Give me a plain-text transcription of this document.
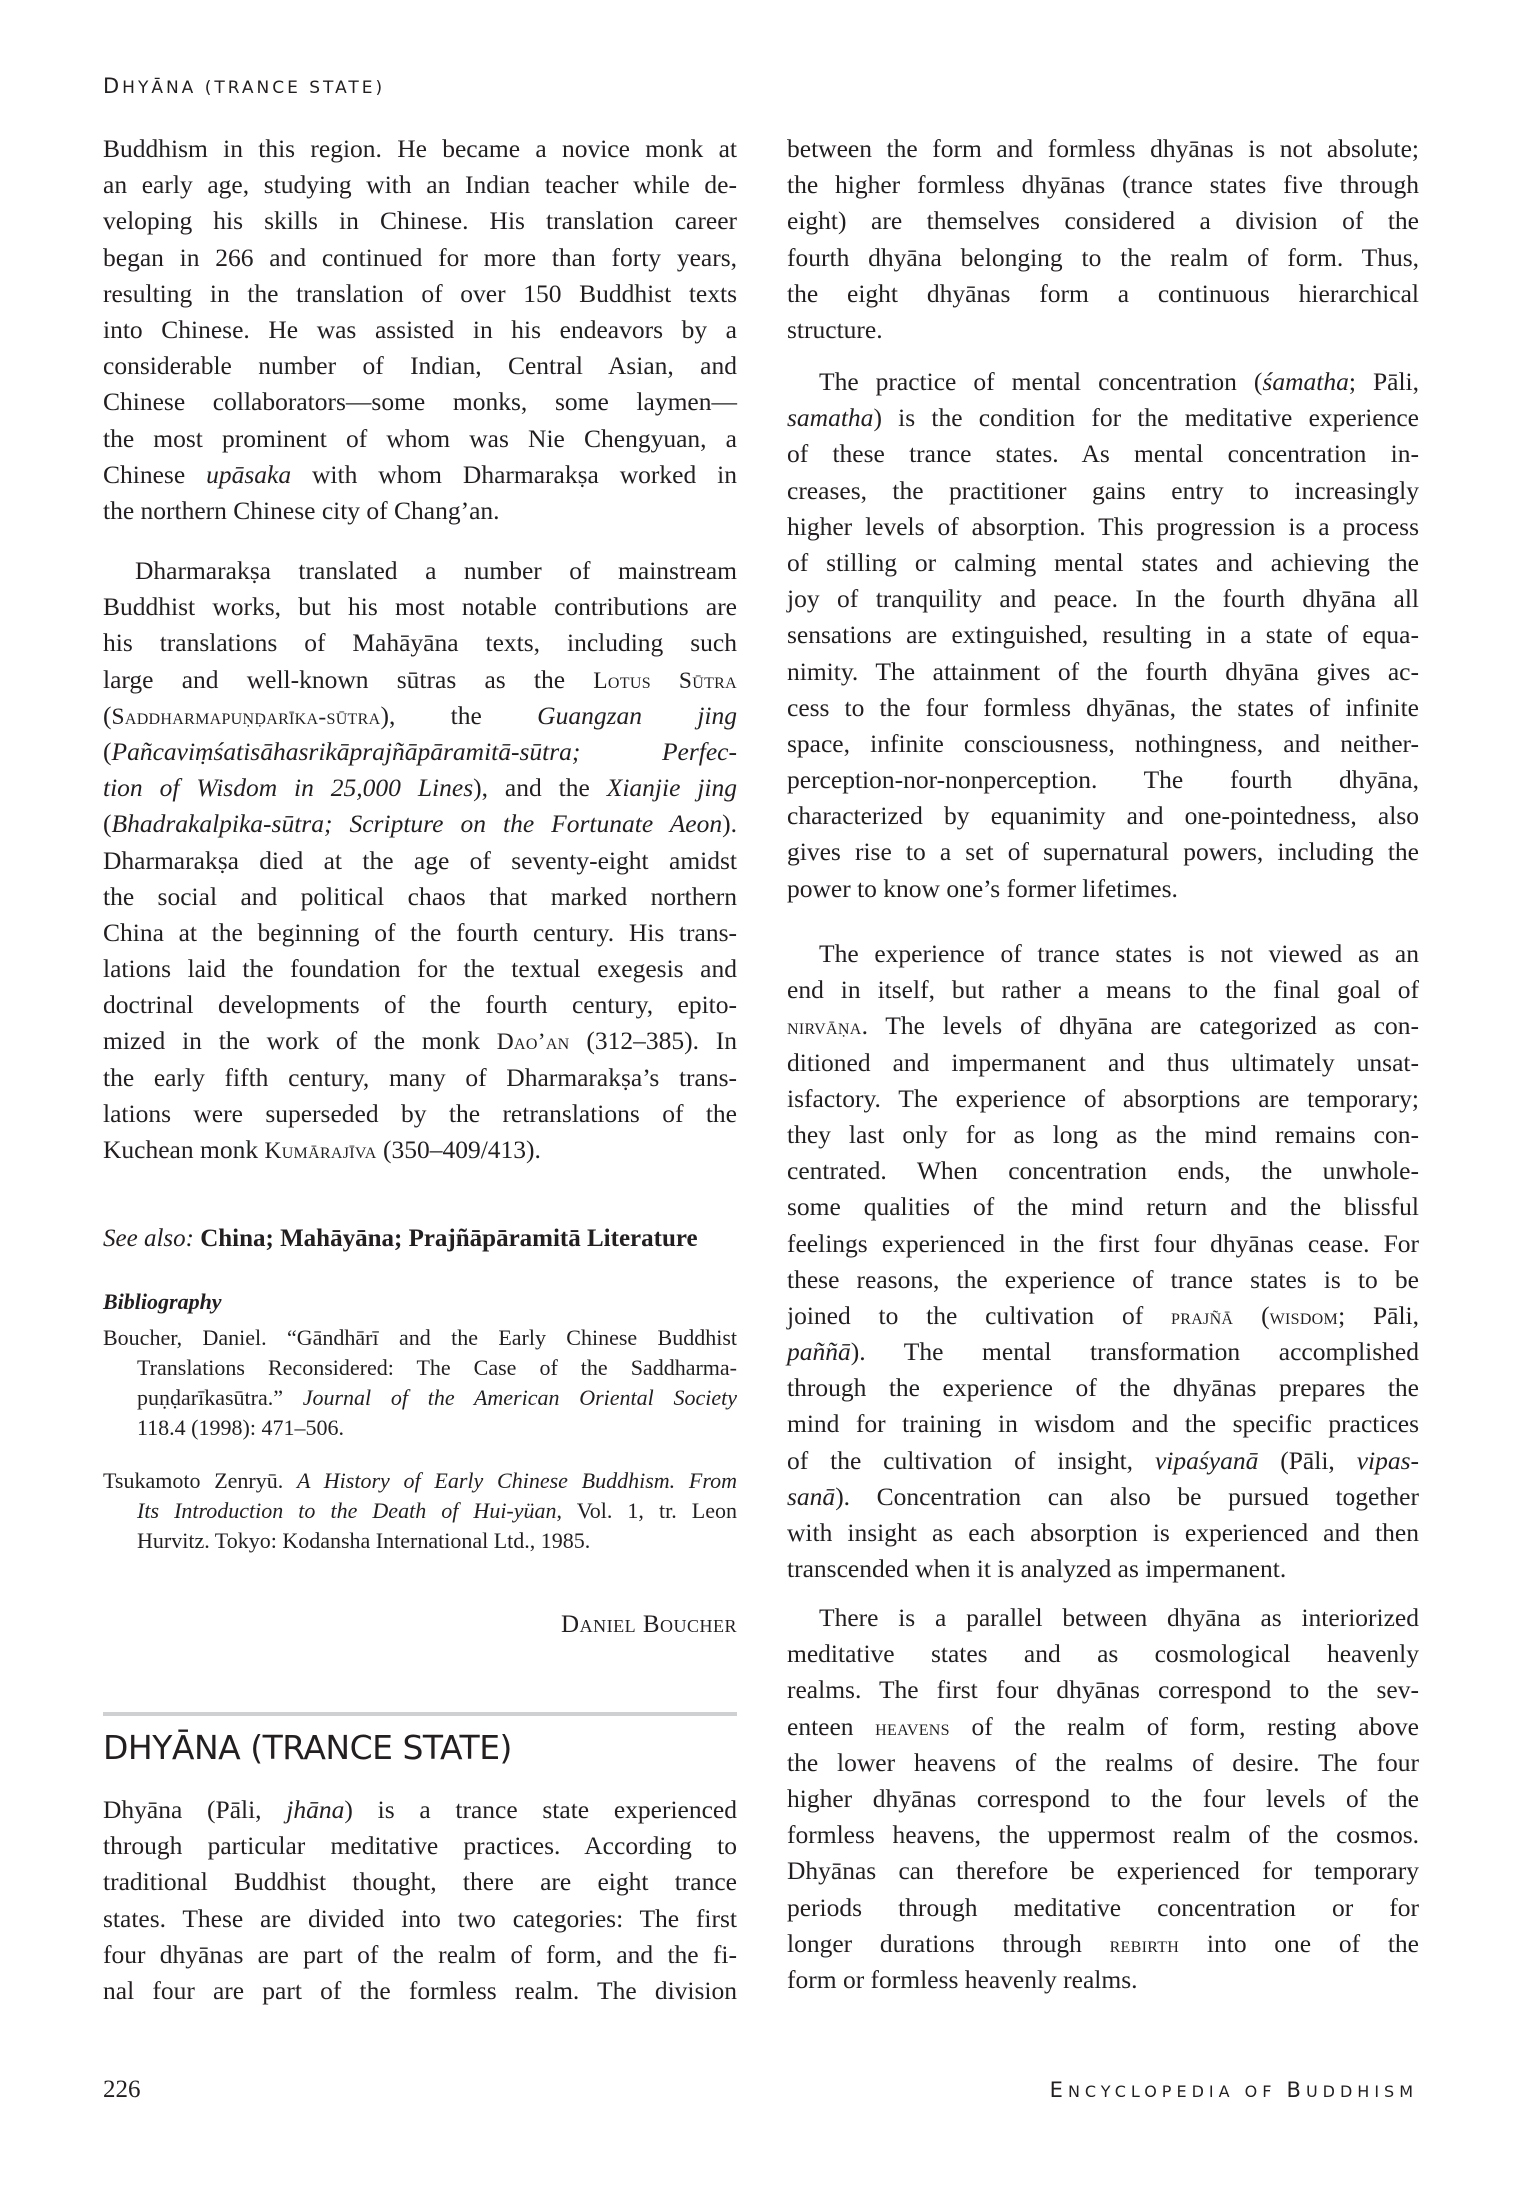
DHYĀNA (TRANCE STATE)
Buddhism in this region. He became a novice monk at
an early age, studying with an Indian teacher while de-
veloping his skills in Chinese. His translation career
began in 266 and continued for more than forty years,
resulting in the translation of over 150 Buddhist texts
into Chinese. He was assisted in his endeavors by a
considerable number of Indian, Central Asian, and
Chinese collaborators—some monks, some laymen—
the most prominent of whom was Nie Chengyuan, a
Chinese upāsaka with whom Dharmarakṣa worked in
the northern Chinese city of Chang’an.
Dharmarakṣa translated a number of mainstream
Buddhist works, but his most notable contributions are
his translations of Mahāyāna texts, including such
large and well-known sūtras as the Lotus Sūtra
(Saddharmapuṇḍarīka-sūtra), the Guangzan jing
(Pañcaviṃśatisāhasrikāprajñāpāramitā-sūtra; Perfec-
tion of Wisdom in 25,000 Lines), and the Xianjie jing
(Bhadrakalpika-sūtra; Scripture on the Fortunate Aeon).
Dharmarakṣa died at the age of seventy-eight amidst
the social and political chaos that marked northern
China at the beginning of the fourth century. His trans-
lations laid the foundation for the textual exegesis and
doctrinal developments of the fourth century, epito-
mized in the work of the monk Dao’an (312–385). In
the early fifth century, many of Dharmarakṣa’s trans-
lations were superseded by the retranslations of the
Kuchean monk Kumārajīva (350–409/413).
See also: China; Mahāyāna; Prajñāpāramitā Literature
Bibliography
Boucher, Daniel. “Gāndhārī and the Early Chinese Buddhist
Translations Reconsidered: The Case of the Saddharma-
puṇḍarīkasūtra.” Journal of the American Oriental Society
118.4 (1998): 471–506.
Tsukamoto Zenryū. A History of Early Chinese Buddhism. From
Its Introduction to the Death of Hui-yüan, Vol. 1, tr. Leon
Hurvitz. Tokyo: Kodansha International Ltd., 1985.
Daniel Boucher
DHYĀNA (TRANCE STATE)
Dhyāna (Pāli, jhāna) is a trance state experienced
through particular meditative practices. According to
traditional Buddhist thought, there are eight trance
states. These are divided into two categories: The first
four dhyānas are part of the realm of form, and the fi-
nal four are part of the formless realm. The division
between the form and formless dhyānas is not absolute;
the higher formless dhyānas (trance states five through
eight) are themselves considered a division of the
fourth dhyāna belonging to the realm of form. Thus,
the eight dhyānas form a continuous hierarchical
structure.
The practice of mental concentration (śamatha; Pāli,
samatha) is the condition for the meditative experience
of these trance states. As mental concentration in-
creases, the practitioner gains entry to increasingly
higher levels of absorption. This progression is a process
of stilling or calming mental states and achieving the
joy of tranquility and peace. In the fourth dhyāna all
sensations are extinguished, resulting in a state of equa-
nimity. The attainment of the fourth dhyāna gives ac-
cess to the four formless dhyānas, the states of infinite
space, infinite consciousness, nothingness, and neither-
perception-nor-nonperception. The fourth dhyāna,
characterized by equanimity and one-pointedness, also
gives rise to a set of supernatural powers, including the
power to know one’s former lifetimes.
The experience of trance states is not viewed as an
end in itself, but rather a means to the final goal of
nirvāṇa. The levels of dhyāna are categorized as con-
ditioned and impermanent and thus ultimately unsat-
isfactory. The experience of absorptions are temporary;
they last only for as long as the mind remains con-
centrated. When concentration ends, the unwhole-
some qualities of the mind return and the blissful
feelings experienced in the first four dhyānas cease. For
these reasons, the experience of trance states is to be
joined to the cultivation of prajñā (wisdom; Pāli,
paññā). The mental transformation accomplished
through the experience of the dhyānas prepares the
mind for training in wisdom and the specific practices
of the cultivation of insight, vipaśyanā (Pāli, vipas-
sanā). Concentration can also be pursued together
with insight as each absorption is experienced and then
transcended when it is analyzed as impermanent.
There is a parallel between dhyāna as interiorized
meditative states and as cosmological heavenly
realms. The first four dhyānas correspond to the sev-
enteen heavens of the realm of form, resting above
the lower heavens of the realms of desire. The four
higher dhyānas correspond to the four levels of the
formless heavens, the uppermost realm of the cosmos.
Dhyānas can therefore be experienced for temporary
periods through meditative concentration or for
longer durations through rebirth into one of the
form or formless heavenly realms.
226	ENCYCLOPEDIA OF BUDDHISM
